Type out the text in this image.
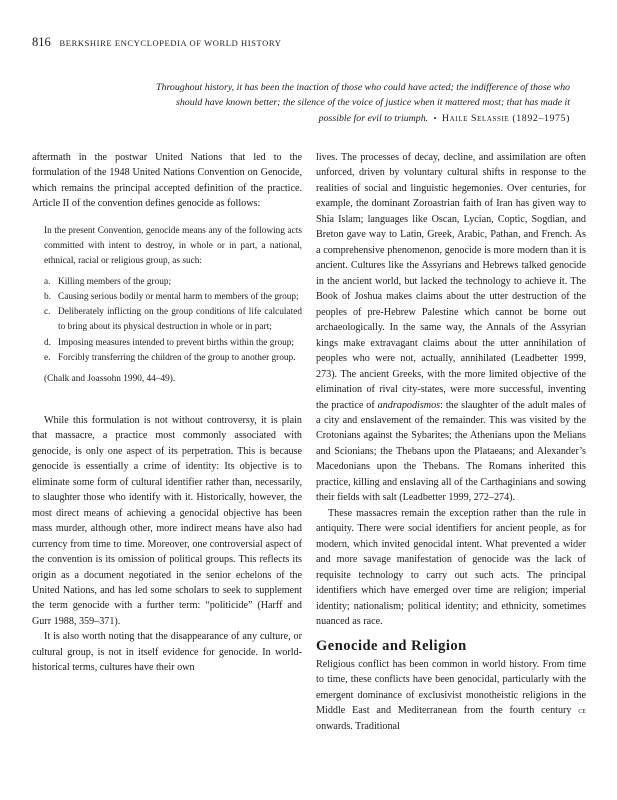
816 BERKSHIRE ENCYCLOPEDIA OF WORLD HISTORY
Throughout history, it has been the inaction of those who could have acted; the indifference of those who should have known better; the silence of the voice of justice when it mattered most; that has made it possible for evil to triumph. • Haile Selassie (1892–1975)

aftermath in the postwar United Nations that led to the formulation of the 1948 United Nations Convention on Genocide, which remains the principal accepted definition of the practice. Article II of the convention defines genocide as follows:

In the present Convention, genocide means any of the following acts committed with intent to destroy, in whole or in part, a national, ethnical, racial or religious group, as such:

a. Killing members of the group;
b. Causing serious bodily or mental harm to members of the group;
c. Deliberately inflicting on the group conditions of life calculated to bring about its physical destruction in whole or in part;
d. Imposing measures intended to prevent births within the group;
e. Forcibly transferring the children of the group to another group.

(Chalk and Joassohn 1990, 44–49).

While this formulation is not without controversy, it is plain that massacre, a practice most commonly associated with genocide, is only one aspect of its perpetration. This is because genocide is essentially a crime of identity: Its objective is to eliminate some form of cultural identifier rather than, necessarily, to slaughter those who identify with it. Historically, however, the most direct means of achieving a genocidal objective has been mass murder, although other, more indirect means have also had currency from time to time. Moreover, one controversial aspect of the convention is its omission of political groups. This reflects its origin as a document negotiated in the senior echelons of the United Nations, and has led some scholars to seek to supplement the term genocide with a further term: “politicide” (Harff and Gurr 1988, 359–371).

It is also worth noting that the disappearance of any culture, or cultural group, is not in itself evidence for genocide. In world-historical terms, cultures have their own

lives. The processes of decay, decline, and assimilation are often unforced, driven by voluntary cultural shifts in response to the realities of social and linguistic hegemonies. Over centuries, for example, the dominant Zoroastrian faith of Iran has given way to Shia Islam; languages like Oscan, Lycian, Coptic, Sogdian, and Breton gave way to Latin, Greek, Arabic, Pathan, and French. As a comprehensive phenomenon, genocide is more modern than it is ancient. Cultures like the Assyrians and Hebrews talked genocide in the ancient world, but lacked the technology to achieve it. The Book of Joshua makes claims about the utter destruction of the peoples of pre-Hebrew Palestine which cannot be borne out archaeologically. In the same way, the Annals of the Assyrian kings make extravagant claims about the utter annihilation of peoples who were not, actually, annihilated (Leadbetter 1999, 273). The ancient Greeks, with the more limited objective of the elimination of rival city-states, were more successful, inventing the practice of andrapodismos: the slaughter of the adult males of a city and enslavement of the remainder. This was visited by the Crotonians against the Sybarites; the Athenians upon the Melians and Scionians; the Thebans upon the Plataeans; and Alexander’s Macedonians upon the Thebans. The Romans inherited this practice, killing and enslaving all of the Carthaginians and sowing their fields with salt (Leadbetter 1999, 272–274).

These massacres remain the exception rather than the rule in antiquity. There were social identifiers for ancient people, as for modern, which invited genocidal intent. What prevented a wider and more savage manifestation of genocide was the lack of requisite technology to carry out such acts. The principal identifiers which have emerged over time are religion; imperial identity; nationalism; political identity; and ethnicity, sometimes nuanced as race.

Genocide and Religion

Religious conflict has been common in world history. From time to time, these conflicts have been genocidal, particularly with the emergent dominance of exclusivist monotheistic religions in the Middle East and Mediterranean from the fourth century ce onwards. Traditional
